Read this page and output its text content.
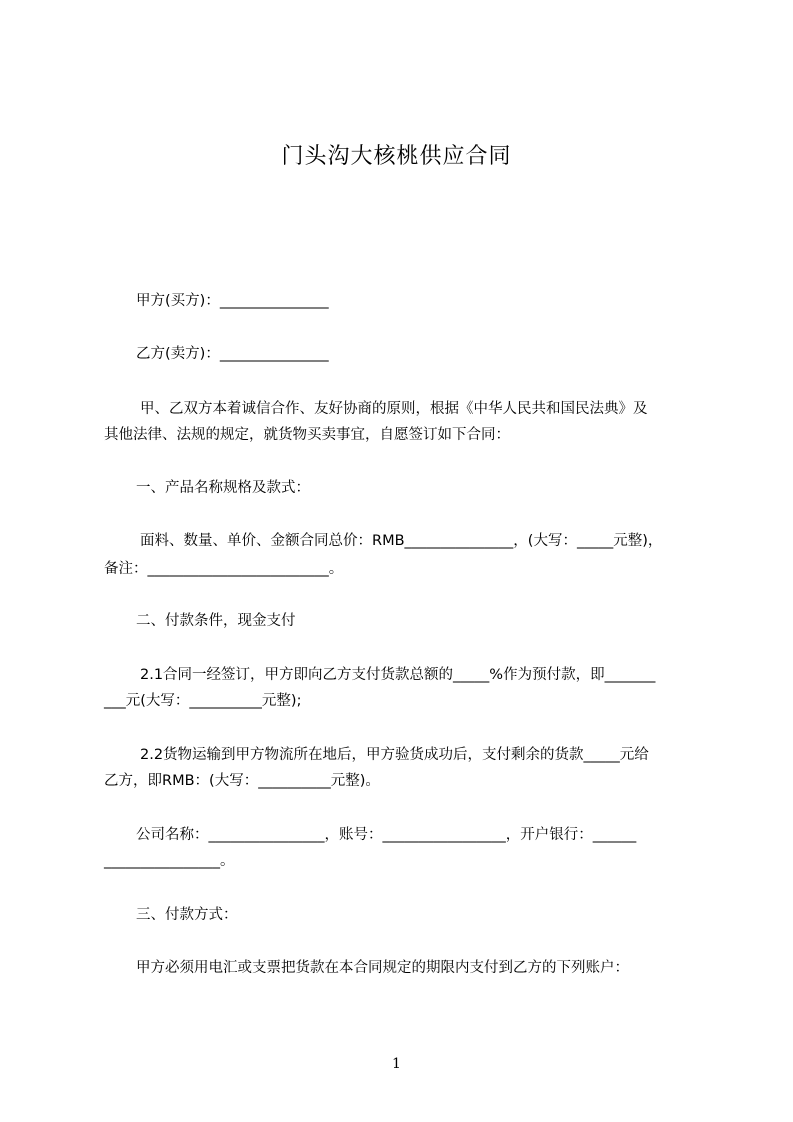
门头沟大核桃供应合同
甲方(买方)：_______________
乙方(卖方)：_______________
甲、乙双方本着诚信合作、友好协商的原则，根据《中华人民共和国民法典》及
其他法律、法规的规定，就货物买卖事宜，自愿签订如下合同：
一、产品名称规格及款式：
面料、数量、单价、金额合同总价：RMB_______________，(大写：_____元整)，
备注：_________________________。
二、付款条件，现金支付
2.1合同一经签订，甲方即向乙方支付货款总额的_____%作为预付款，即_______
___元(大写：__________元整);
2.2货物运输到甲方物流所在地后，甲方验货成功后，支付剩余的货款_____元给
乙方，即RMB：(大写：__________元整)。
公司名称：________________，账号：_________________，开户银行：______
________________。
三、付款方式：
甲方必须用电汇或支票把货款在本合同规定的期限内支付到乙方的下列账户：
1
